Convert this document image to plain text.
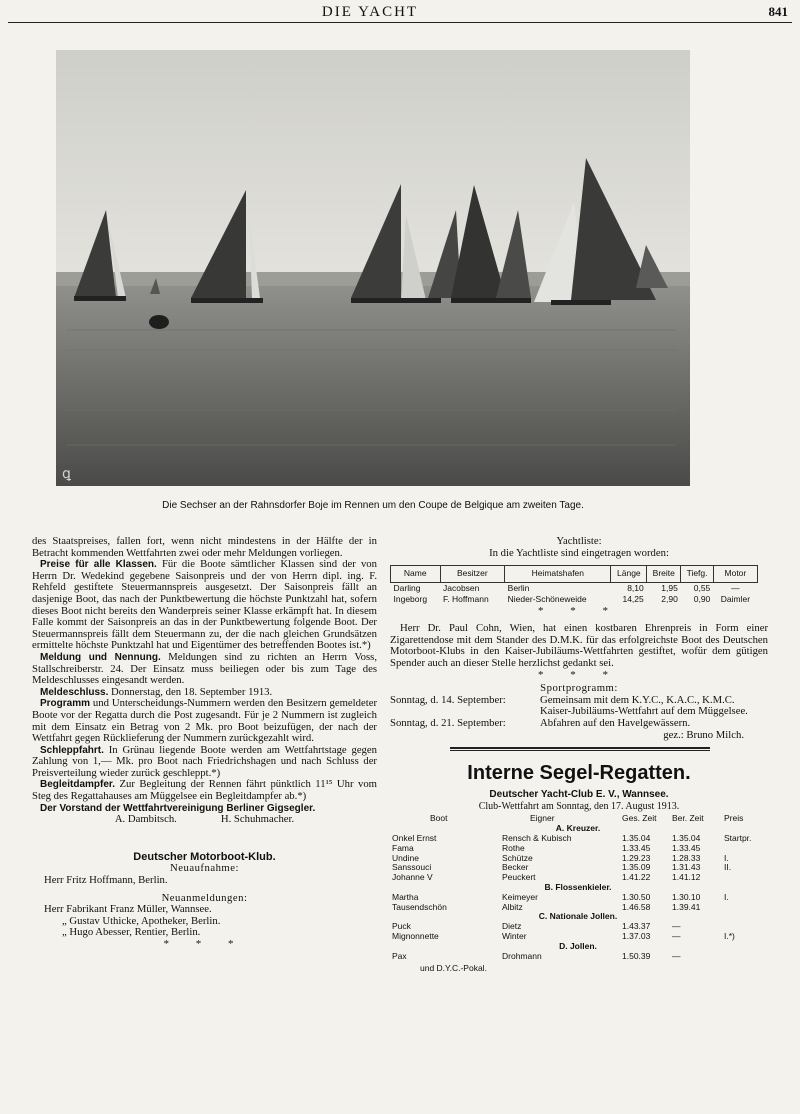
DIE YACHT	841
ꝗ
Die Sechser an der Rahnsdorfer Boje im Rennen um den Coupe de Belgique am zweiten Tage.

des Staatspreises, fallen fort, wenn nicht mindestens in der Hälfte der in Betracht kommenden Wettfahrten zwei oder mehr Meldungen vorliegen.

Preise für alle Klassen. Für die Boote sämtlicher Klassen sind der von Herrn Dr. Wedekind gegebene Saisonpreis und der von Herrn dipl. ing. F. Rehfeld gestiftete Steuermannspreis ausgesetzt. Der Saisonpreis fällt an dasjenige Boot, das nach der Punktbewertung die höchste Punktzahl hat, sofern dieses Boot nicht bereits den Wanderpreis seiner Klasse erkämpft hat. In diesem Falle kommt der Saisonpreis an das in der Punktbewertung folgende Boot. Der Steuermannspreis fällt dem Steuermann zu, der die nach gleichen Grundsätzen ermittelte höchste Punktzahl hat und Eigentümer des betreffenden Bootes ist.*)

Meldung und Nennung. Meldungen sind zu richten an Herrn Voss, Stallschreiberstr. 24. Der Einsatz muss beiliegen oder bis zum Tage des Meldeschlusses eingesandt werden.

Meldeschluss. Donnerstag, den 18. September 1913.

Programm und Unterscheidungs-Nummern werden den Besitzern gemeldeter Boote vor der Regatta durch die Post zugesandt. Für je 2 Nummern ist zugleich mit dem Einsatz ein Betrag von 2 Mk. pro Boot beizufügen, der nach der Wettfahrt gegen Rücklieferung der Nummern zurückgezahlt wird.

Schleppfahrt. In Grünau liegende Boote werden am Wettfahrtstage gegen Zahlung von 1,— Mk. pro Boot nach Friedrichshagen und nach Schluss der Preisverteilung wieder zurück geschleppt.*)

Begleitdampfer. Zur Begleitung der Rennen fährt pünktlich 11¹⁵ Uhr vom Steg des Regattahauses am Müggelsee ein Begleitdampfer ab.*)

Der Vorstand der Wettfahrtvereinigung Berliner Gigsegler.

A. Dambitsch.	H. Schuhmacher.

Deutscher Motorboot-Klub.
Neuaufnahme:
Herr Fritz Hoffmann, Berlin.
Neuanmeldungen:
Herr Fabrikant Franz Müller, Wannsee.
„ Gustav Uthicke, Apotheker, Berlin.
„ Hugo Abesser, Rentier, Berlin.
* * *
Yachtliste:
In die Yachtliste sind eingetragen worden:
Name	Besitzer	Heimatshafen	Länge	Breite	Tiefg.	Motor
Darling	Jacobsen	Berlin	8,10	1,95	0,55	—
Ingeborg	F. Hoffmann	Nieder-Schöneweide	14,25	2,90	0,90	Daimler
* * *
Herr Dr. Paul Cohn, Wien, hat einen kostbaren Ehrenpreis in Form einer Zigarettendose mit dem Stander des D.M.K. für das erfolgreichste Boot des Deutschen Motorboot-Klubs in den Kaiser-Jubiläums-Wettfahrten gestiftet, wofür dem gütigen Spender auch an dieser Stelle herzlichst gedankt sei.
* * *
Sportprogramm:
Sonntag, d. 14. September:	Gemeinsam mit dem K.Y.C., K.A.C., K.M.C. Kaiser-Jubiläums-Wettfahrt auf dem Müggelsee.
Sonntag, d. 21. September:	Abfahren auf den Havelgewässern.
gez.: Bruno Milch.
Interne Segel-Regatten.
Deutscher Yacht-Club E. V., Wannsee.
Club-Wettfahrt am Sonntag, den 17. August 1913.
Boot	Eigner	Ges. Zeit	Ber. Zeit	Preis
A. Kreuzer.				
Onkel Ernst	Rensch & Kubisch	1.35.04	1.35.04	Startpr.
Fama	Rothe	1.33.45	1.33.45	
Undine	Schütze	1.29.23	1.28.33	I.
Sanssouci	Becker	1.35.09	1.31.43	II.
Johanne V	Peuckert	1.41.22	1.41.12	
B. Flossenkieler.				
Martha	Keimeyer	1.30.50	1.30.10	I.
Tausendschön	Albitz	1.46.58	1.39.41	
C. Nationale Jollen.				
Puck	Dietz	1.43.37	—	
Mignonnette	Winter	1.37.03	—	I.*)
D. Jollen.				
Pax	Drohmann	1.50.39	—	
und D.Y.C.-Pokal.
